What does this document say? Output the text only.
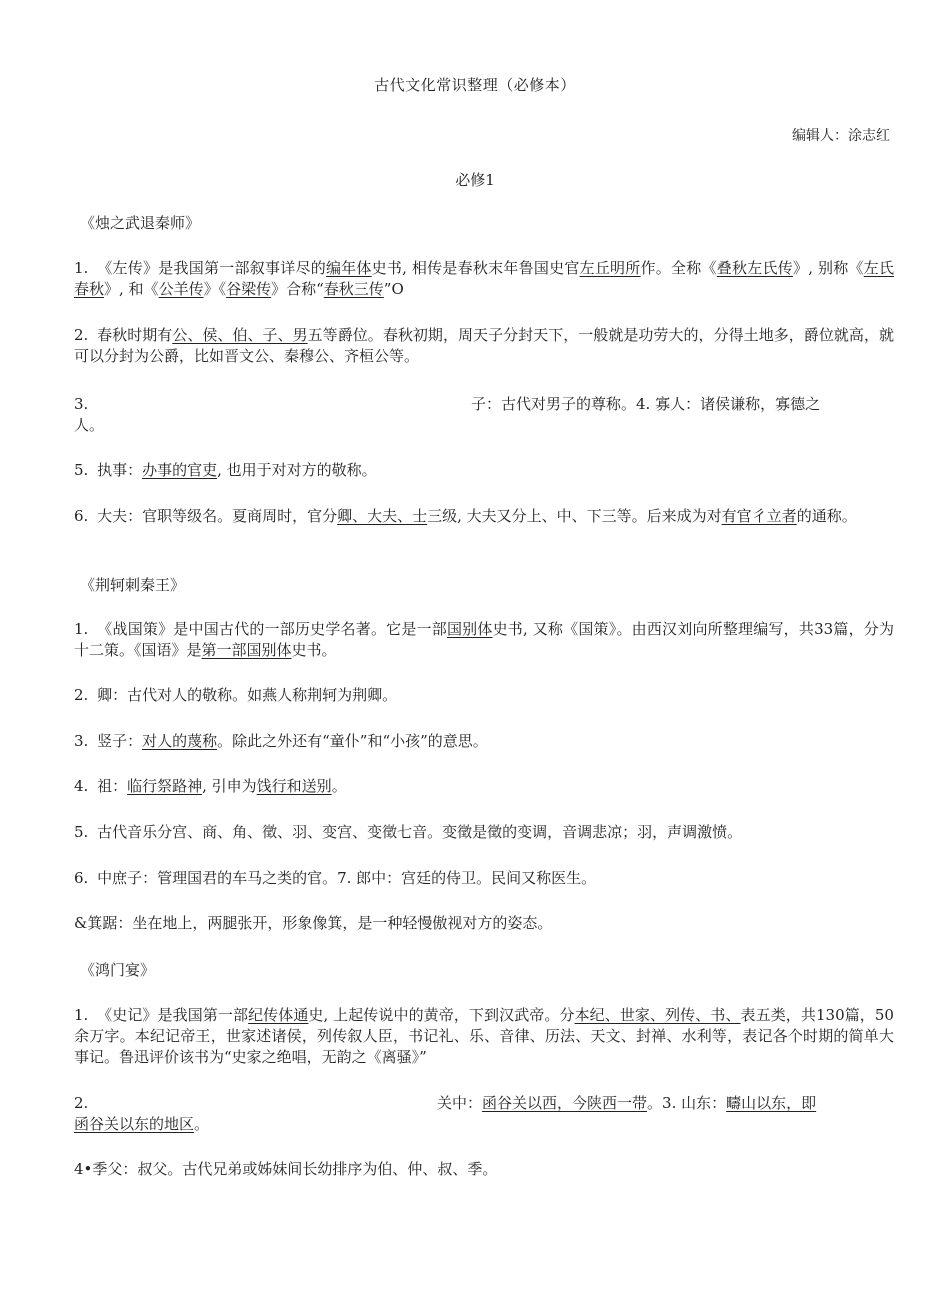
古代文化常识整理（必修本）
编辑人：涂志红
必修1
《烛之武退秦师》
1. 《左传》是我国第一部叙事详尽的编年体史书, 相传是春秋末年鲁国史官左丘明所作。全称《叠秋左氏传》, 别称《左氏春秋》, 和《公羊传》《谷梁传》合称“春秋三传”O
2. 春秋时期有公、侯、伯、子、男五等爵位。春秋初期，周天子分封天下，一般就是功劳大的，分得土地多，爵位就高，就可以分封为公爵，比如晋文公、秦穆公、齐桓公等。
3.	子：古代对男子的尊称。4. 寡人：诸侯谦称，寡德之
人。
5. 执事：办事的官吏, 也用于对对方的敬称。
6. 大夫：官职等级名。夏商周时，官分卿、大夫、士三级, 大夫又分上、中、下三等。后来成为对有官彳立者的通称。
《荆轲刺秦王》
1. 《战国策》是中国古代的一部历史学名著。它是一部国别体史书, 又称《国策》。由西汉刘向所整理编写，共33篇，分为十二策。《国语》是第一部国别体史书。
2. 卿：古代对人的敬称。如燕人称荆轲为荆卿。
3. 竖子：对人的蔑称。除此之外还有“童仆”和“小孩”的意思。
4. 祖：临行祭路神, 引申为饯行和送别。
5. 古代音乐分宫、商、角、徵、羽、变宫、变徵七音。变徵是徵的变调，音调悲凉；羽，声调激愤。
6. 中庶子：管理国君的车马之类的官。7. 郎中：宫廷的侍卫。民间又称医生。
&箕踞：坐在地上，两腿张开，形象像箕，是一种轻慢傲视对方的姿态。
《鸿门宴》
1. 《史记》是我国第一部纪传体通史, 上起传说中的黄帝，下到汉武帝。分本纪、世家、列传、书、表五类，共130篇，50余万字。本纪记帝王，世家述诸侯，列传叙人臣，书记礼、乐、音律、历法、天文、封禅、水利等，表记各个时期的简单大事记。鲁迅评价该书为“史家之绝唱，无韵之《离骚》”
2.	关中：函谷关以西，今陕西一带。3. 山东：疇山以东，即
函谷关以东的地区。
4•季父：叔父。古代兄弟或姊妹间长幼排序为伯、仲、叔、季。
